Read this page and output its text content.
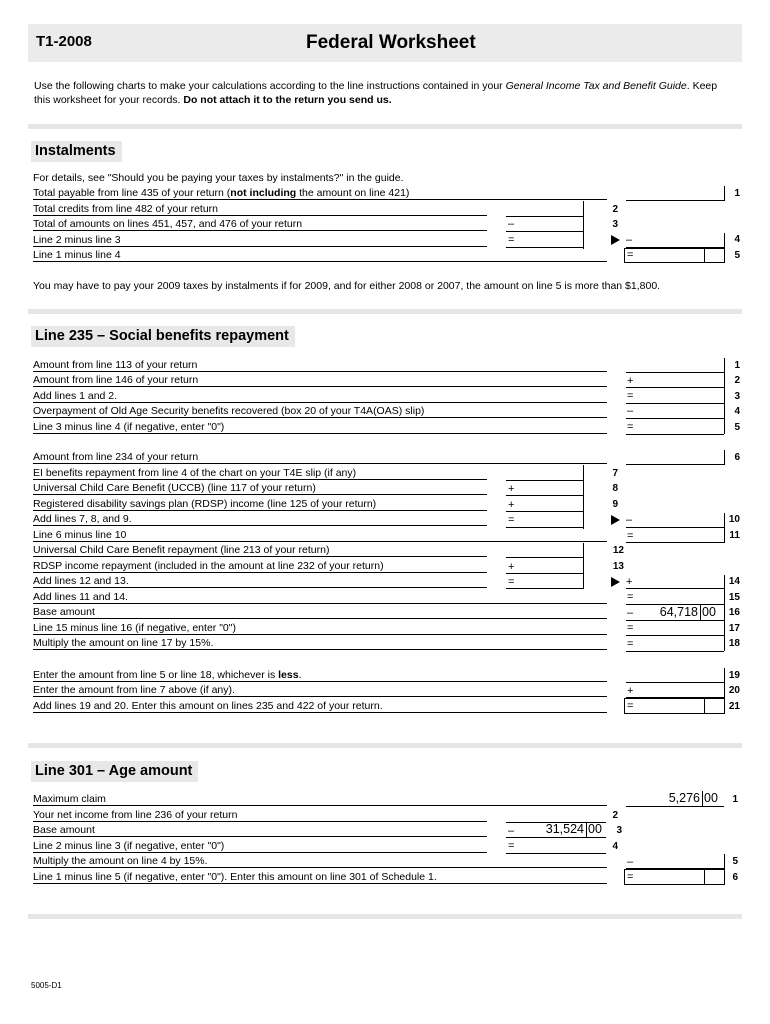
T1-2008	Federal Worksheet
Use the following charts to make your calculations according to the line instructions contained in your General Income Tax and Benefit Guide. Keep this worksheet for your records. Do not attach it to the return you send us.
Instalments
For details, see "Should you be paying your taxes by instalments?" in the guide.
Total payable from line 435 of your return (not including the amount on line 421)	1
Total credits from line 482 of your return	2
Total of amounts on lines 451, 457, and 476 of your return	–	3
Line 2 minus line 3	=	–	4
Line 1 minus line 4	=	5
You may have to pay your 2009 taxes by instalments if for 2009, and for either 2008 or 2007, the amount on line 5 is more than $1,800.
Line 235 – Social benefits repayment
Amount from line 113 of your return	1
Amount from line 146 of your return	+	2
Add lines 1 and 2.	=	3
Overpayment of Old Age Security benefits recovered (box 20 of your T4A(OAS) slip)	–	4
Line 3 minus line 4 (if negative, enter "0")	=	5
Amount from line 234 of your return	6
EI benefits repayment from line 4 of the chart on your T4E slip (if any)	7
Universal Child Care Benefit (UCCB) (line 117 of your return)	+	8
Registered disability savings plan (RDSP) income (line 125 of your return)	+	9
Add lines 7, 8, and 9.	=	–	10
Line 6 minus line 10	=	11
Universal Child Care Benefit repayment (line 213 of your return)	12
RDSP income repayment (included in the amount at line 232 of your return)	+	13
Add lines 12 and 13.	=	+	14
Add lines 11 and 14.	=	15
Base amount	–	64,718 00	16
Line 15 minus line 16 (if negative, enter "0")	=	17
Multiply the amount on line 17 by 15%.	=	18
Enter the amount from line 5 or line 18, whichever is less.	19
Enter the amount from line 7 above (if any).	+	20
Add lines 19 and 20. Enter this amount on lines 235 and 422 of your return.	=	21
Line 301 – Age amount
Maximum claim	5,276 00	1
Your net income from line 236 of your return	2
Base amount	–	31,524 00	3
Line 2 minus line 3 (if negative, enter "0")	=	4
Multiply the amount on line 4 by 15%.	–	5
Line 1 minus line 5 (if negative, enter "0"). Enter this amount on line 301 of Schedule 1.	=	6
5005-D1
